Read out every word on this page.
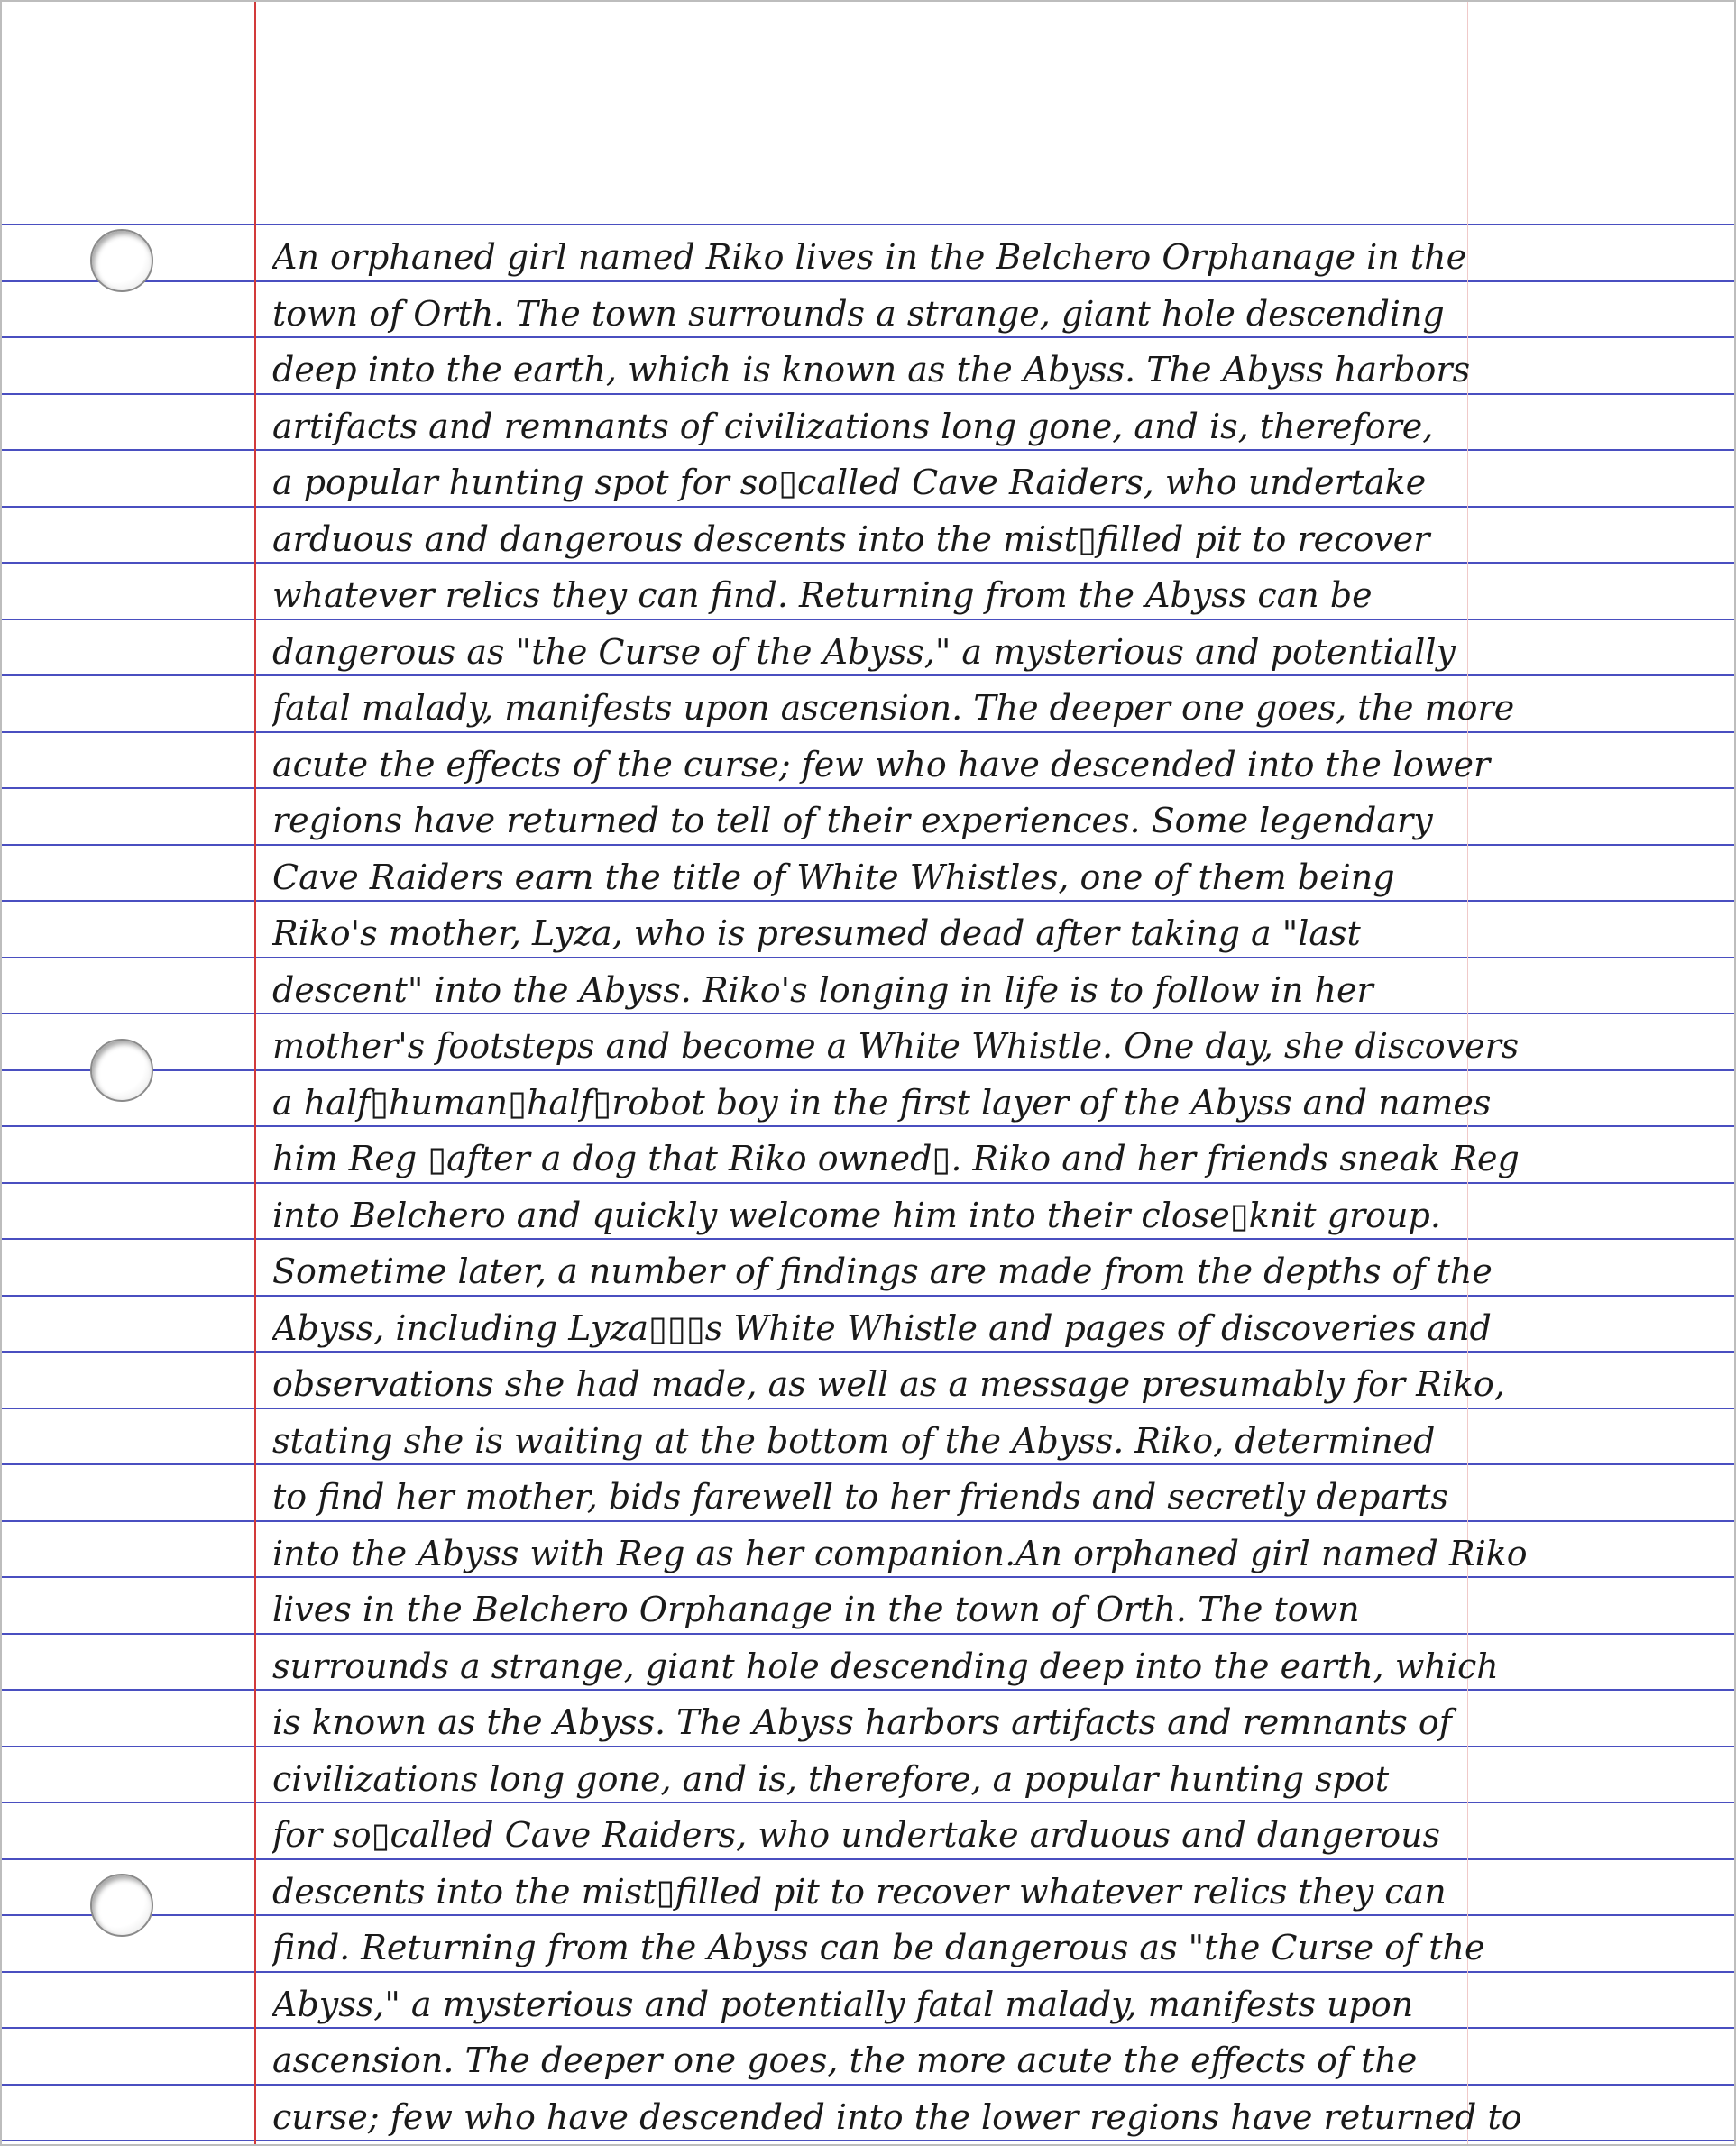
An orphaned girl named Riko lives in the Belchero Orphanage in the
town of Orth. The town surrounds a strange, giant hole descending
deep into the earth, which is known as the Abyss. The Abyss harbors
artifacts and remnants of civilizations long gone, and is, therefore,
a popular hunting spot for so▯called Cave Raiders, who undertake
arduous and dangerous descents into the mist▯filled pit to recover
whatever relics they can find. Returning from the Abyss can be
dangerous as "the Curse of the Abyss," a mysterious and potentially
fatal malady, manifests upon ascension. The deeper one goes, the more
acute the effects of the curse; few who have descended into the lower
regions have returned to tell of their experiences. Some legendary
Cave Raiders earn the title of White Whistles, one of them being
Riko's mother, Lyza, who is presumed dead after taking a "last
descent" into the Abyss. Riko's longing in life is to follow in her
mother's footsteps and become a White Whistle. One day, she discovers
a half▯human▯half▯robot boy in the first layer of the Abyss and names
him Reg ▯after a dog that Riko owned▯. Riko and her friends sneak Reg
into Belchero and quickly welcome him into their close▯knit group.
Sometime later, a number of findings are made from the depths of the
Abyss, including Lyza▯▯▯s White Whistle and pages of discoveries and
observations she had made, as well as a message presumably for Riko,
stating she is waiting at the bottom of the Abyss. Riko, determined
to find her mother, bids farewell to her friends and secretly departs
into the Abyss with Reg as her companion.An orphaned girl named Riko
lives in the Belchero Orphanage in the town of Orth. The town
surrounds a strange, giant hole descending deep into the earth, which
is known as the Abyss. The Abyss harbors artifacts and remnants of
civilizations long gone, and is, therefore, a popular hunting spot
for so▯called Cave Raiders, who undertake arduous and dangerous
descents into the mist▯filled pit to recover whatever relics they can
find. Returning from the Abyss can be dangerous as "the Curse of the
Abyss," a mysterious and potentially fatal malady, manifests upon
ascension. The deeper one goes, the more acute the effects of the
curse; few who have descended into the lower regions have returned to
